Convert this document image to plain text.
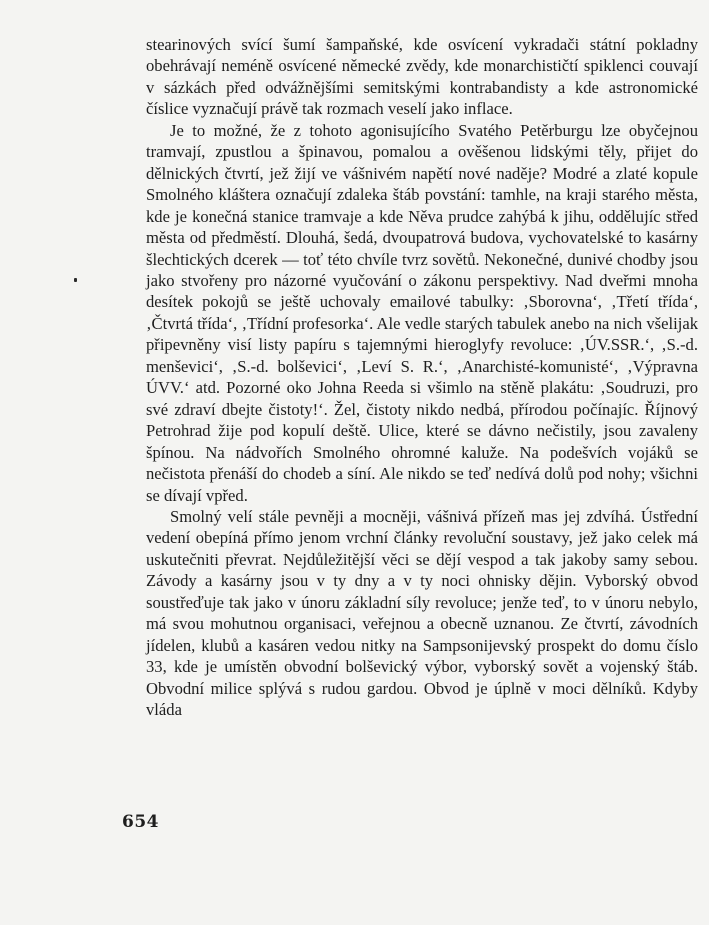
stearinových svící šumí šampaňské, kde osvícení vykradači státní pokladny obehrávají neméně osvícené německé zvědy, kde monarchističtí spiklenci couvají v sázkách před odvážnějšími semitskými kontrabandisty a kde astronomické číslice vyznačují právě tak rozmach veselí jako inflace.

Je to možné, že z tohoto agonisujícího Svatého Petěrburgu lze obyčejnou tramvají, zpustlou a špinavou, pomalou a ověšenou lidskými těly, přijet do dělnických čtvrtí, jež žijí ve vášnivém napětí nové naděje? Modré a zlaté kopule Smolného kláštera označují zdaleka štáb povstání: tamhle, na kraji starého města, kde je konečná stanice tramvaje a kde Něva prudce zahýbá k jihu, oddělujíc střed města od předměstí. Dlouhá, šedá, dvoupatrová budova, vychovatelské to kasárny šlechtických dcerek — toť této chvíle tvrz sovětů. Nekonečné, dunivé chodby jsou jako stvořeny pro názorné vyučování o zákonu perspektivy. Nad dveřmi mnoha desítek pokojů se ještě uchovaly emailové tabulky: ‚Sborovna‘, ‚Třetí třída‘, ‚Čtvrtá třída‘, ‚Třídní profesorka‘. Ale vedle starých tabulek anebo na nich všelijak připevněny visí listy papíru s tajemnými hieroglyfy revoluce: ‚ÚV.SSR.‘, ‚S.-d. menševici‘, ‚S.-d. bolševici‘, ‚Leví S. R.‘, ‚Anarchisté-komunisté‘, ‚Výpravna ÚVV.‘ atd. Pozorné oko Johna Reeda si všimlo na stěně plakátu: ‚Soudruzi, pro své zdraví dbejte čistoty!‘. Žel, čistoty nikdo nedbá, přírodou počínajíc. Říjnový Petrohrad žije pod kopulí deště. Ulice, které se dávno nečistily, jsou zavaleny špínou. Na nádvořích Smolného ohromné kaluže. Na podešvích vojáků se nečistota přenáší do chodeb a síní. Ale nikdo se teď nedívá dolů pod nohy; všichni se dívají vpřed.

Smolný velí stále pevněji a mocněji, vášnivá přízeň mas jej zdvíhá. Ústřední vedení obepíná přímo jenom vrchní články revoluční soustavy, jež jako celek má uskutečniti převrat. Nejdůležitější věci se dějí vespod a tak jakoby samy sebou. Závody a kasárny jsou v ty dny a v ty noci ohnisky dějin. Vyborský obvod soustřeďuje tak jako v únoru základní síly revoluce; jenže teď, to v únoru nebylo, má svou mohutnou organisaci, veřejnou a obecně uznanou. Ze čtvrtí, závodních jídelen, klubů a kasáren vedou nitky na Sampsonijevský prospekt do domu číslo 33, kde je umístěn obvodní bolševický výbor, vyborský sovět a vojenský štáb. Obvodní milice splývá s rudou gardou. Obvod je úplně v moci dělníků. Kdyby vláda

654
